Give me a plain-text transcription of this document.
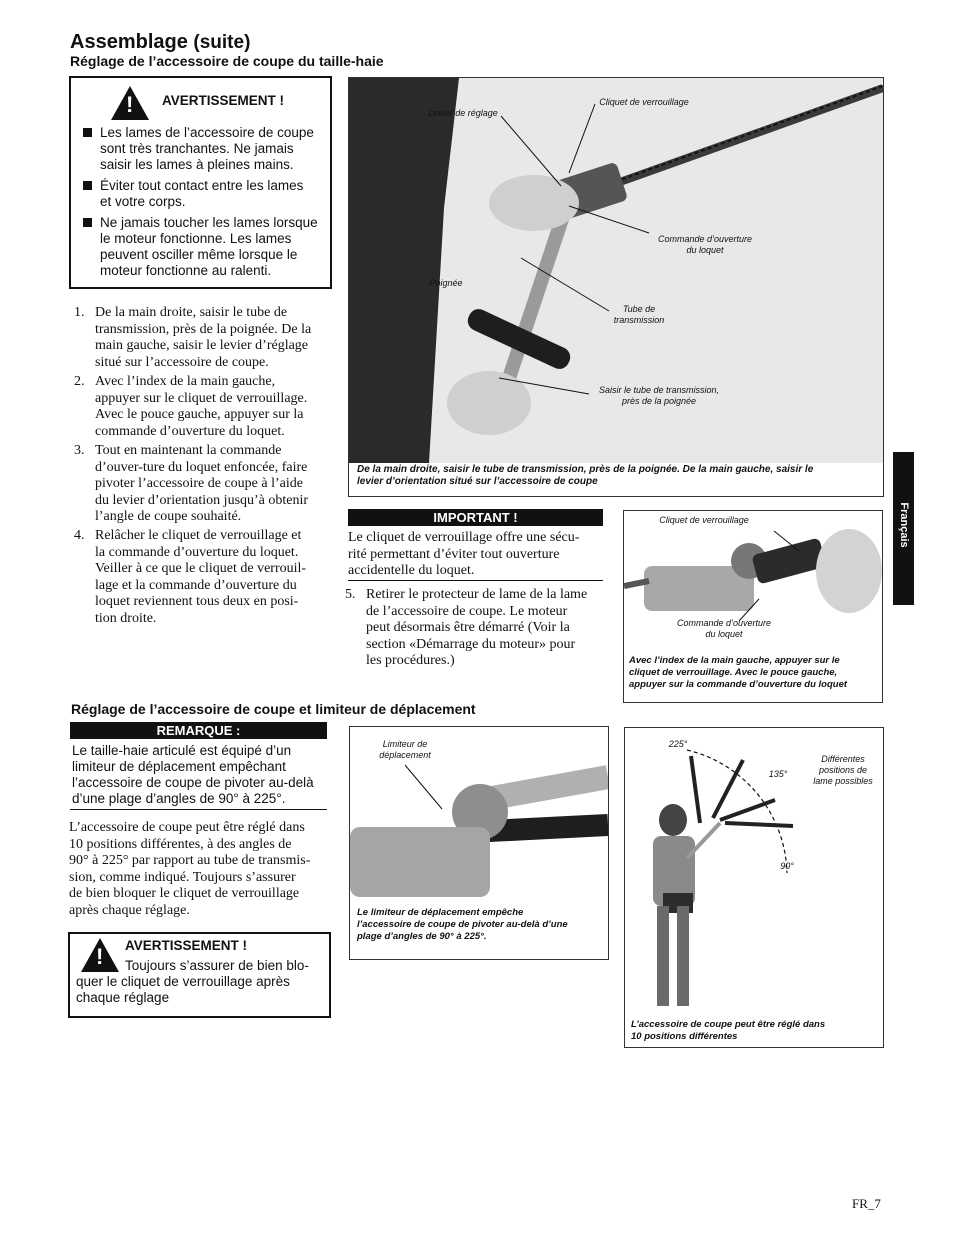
Assemblage (suite)
Réglage de l’accessoire de coupe du taille-haie
!
AVERTISSEMENT !
Les lames de l’accessoire de coupe
sont très tranchantes. Ne jamais
saisir les lames à pleines mains.
Éviter tout contact entre les lames
et votre corps.
Ne jamais toucher les lames lorsque
le moteur fonctionne. Les lames
peuvent osciller même lorsque le
moteur fonctionne au ralenti.
1. De la main droite, saisir le tube de
transmission, près de la poignée. De la
main gauche, saisir le levier d’réglage
situé sur l’accessoire de coupe.
2. Avec l’index de la main gauche,
appuyer sur le cliquet de verrouillage.
Avec le pouce gauche, appuyer sur la
commande d’ouverture du loquet.
3. Tout en maintenant la commande
d’ouver-ture du loquet enfoncée, faire
pivoter l’accessoire de coupe à l’aide
du levier d’orientation jusqu’à obtenir
l’angle de coupe souhaité.
4. Relâcher le cliquet de verrouillage et
la commande d’ouverture du loquet.
Veiller à ce que le cliquet de verrouil-
lage et la commande d’ouverture du
loquet reviennent tous deux en posi-
tion droite.
Levier de réglage
Cliquet de verrouillage
Commande d’ouverture
du loquet
Poignée
Tube de
transmission
Saisir le tube de transmission,
près de la poignée
De la main droite, saisir le tube de transmission, près de la poignée. De la main gauche, saisir le
levier d’orientation situé sur l’accessoire de coupe
IMPORTANT !
Le cliquet de verrouillage offre une sécu-
rité permettant d’éviter tout ouverture
accidentelle du loquet.
5. Retirer le protecteur de lame de la lame
de l’accessoire de coupe. Le moteur
peut désormais être démarré (Voir la
section «Démarrage du moteur» pour
les procédures.)
Cliquet de verrouillage
Commande d’ouverture
du loquet
Avec l’index de la main gauche, appuyer sur le
cliquet de verrouillage. Avec le pouce gauche,
appuyer sur la commande d’ouverture du loquet
Français
Réglage de l’accessoire de coupe et limiteur de déplacement
REMARQUE :
Le taille-haie articulé est équipé d’un
limiteur de déplacement empêchant
l’accessoire de coupe de pivoter au-delà
d’une plage d’angles de 90° à 225°.
L’accessoire de coupe peut être réglé dans
10 positions différentes, à des angles de
90° à 225° par rapport au tube de transmis-
sion, comme indiqué. Toujours s’assurer
de bien bloquer le cliquet de verrouillage
après chaque réglage.
!
AVERTISSEMENT !
Toujours s’assurer de bien blo-
quer le cliquet de verrouillage après
chaque réglage
Limiteur de
déplacement
Le limiteur de déplacement empêche
l’accessoire de coupe de pivoter au-delà d’une
plage d’angles de 90° à 225°.
225°
135°
90°
Différentes
positions de
lame possibles
L’accessoire de coupe peut être réglé dans
10 positions différentes
FR_7
